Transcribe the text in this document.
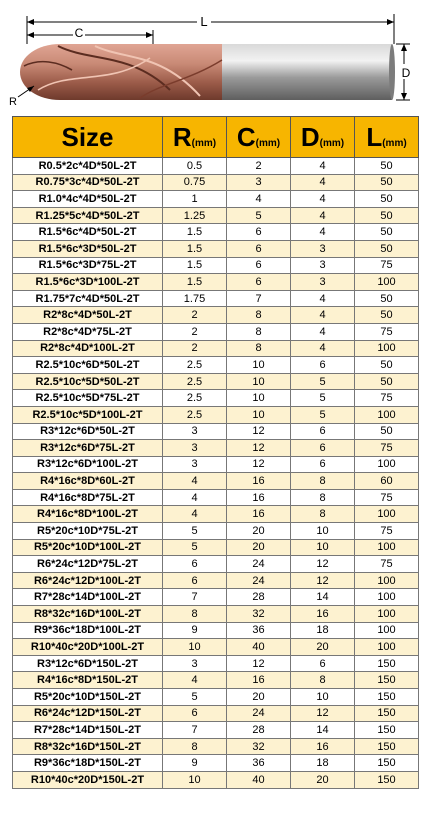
L
C
D
R
Size	R(mm)	C(mm)	D(mm)	L(mm)
R0.5*2c*4D*50L-2T	0.5	2	4	50
R0.75*3c*4D*50L-2T	0.75	3	4	50
R1.0*4c*4D*50L-2T	1	4	4	50
R1.25*5c*4D*50L-2T	1.25	5	4	50
R1.5*6c*4D*50L-2T	1.5	6	4	50
R1.5*6c*3D*50L-2T	1.5	6	3	50
R1.5*6c*3D*75L-2T	1.5	6	3	75
R1.5*6c*3D*100L-2T	1.5	6	3	100
R1.75*7c*4D*50L-2T	1.75	7	4	50
R2*8c*4D*50L-2T	2	8	4	50
R2*8c*4D*75L-2T	2	8	4	75
R2*8c*4D*100L-2T	2	8	4	100
R2.5*10c*6D*50L-2T	2.5	10	6	50
R2.5*10c*5D*50L-2T	2.5	10	5	50
R2.5*10c*5D*75L-2T	2.5	10	5	75
R2.5*10c*5D*100L-2T	2.5	10	5	100
R3*12c*6D*50L-2T	3	12	6	50
R3*12c*6D*75L-2T	3	12	6	75
R3*12c*6D*100L-2T	3	12	6	100
R4*16c*8D*60L-2T	4	16	8	60
R4*16c*8D*75L-2T	4	16	8	75
R4*16c*8D*100L-2T	4	16	8	100
R5*20c*10D*75L-2T	5	20	10	75
R5*20c*10D*100L-2T	5	20	10	100
R6*24c*12D*75L-2T	6	24	12	75
R6*24c*12D*100L-2T	6	24	12	100
R7*28c*14D*100L-2T	7	28	14	100
R8*32c*16D*100L-2T	8	32	16	100
R9*36c*18D*100L-2T	9	36	18	100
R10*40c*20D*100L-2T	10	40	20	100
R3*12c*6D*150L-2T	3	12	6	150
R4*16c*8D*150L-2T	4	16	8	150
R5*20c*10D*150L-2T	5	20	10	150
R6*24c*12D*150L-2T	6	24	12	150
R7*28c*14D*150L-2T	7	28	14	150
R8*32c*16D*150L-2T	8	32	16	150
R9*36c*18D*150L-2T	9	36	18	150
R10*40c*20D*150L-2T	10	40	20	150
